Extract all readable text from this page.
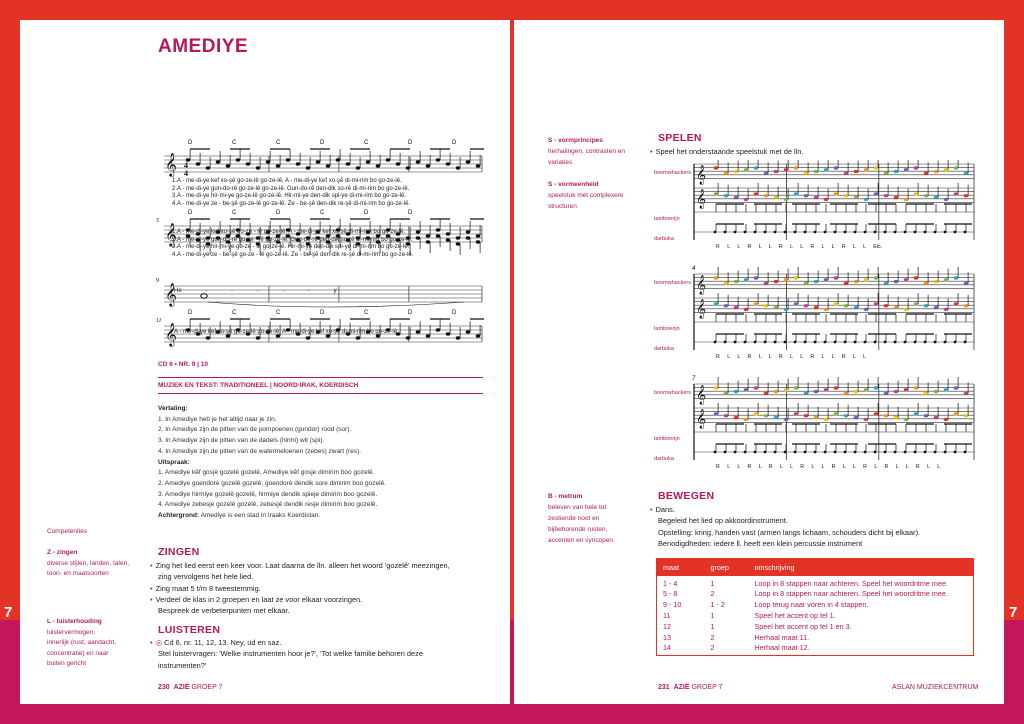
7	7
AMEDIYE
𝄞
D	C	C	D	C	D	D
𝄞
D	C	D	C	D	D
𝄞
𝄞
D	C	C	D	C	D	D
5
9
11
4
4
1.A - me-di-ye kef xo-şê go-ze-lê go-ze-lê. A - me-di-ye kef xo-şê di-mi-rim bo go-ze-lê.
2.A - me-di-ye gun-do-rê go-ze-lê go-ze-lê. Gun-do-rê den-dik so-rê di-mi-rim bo go-ze-lê.
3.A - me-di-ye hir-mi-ye go-ze-lê go-ze-lê. Hir-mi-ye den-dik spi-ye di-mi-rim bo go-ze-lê.
4.A - me-di-ye ze - be-şê go-ze-lê go-ze-lê. Ze - be-şê den-dik re-şê di-mi-rim bo go-ze-lê.
1.A - me-di-ye kef xo-şê go-ze - lê go-ze-lê. A - me-di-ye kef xo-şê di-mi-rim bo go-ze-lê.
2.A - me-di-ye gun-do-rê go-ze - lê go-ze-lê. Gun-do-rê den-dik so-rê di-mi-rim bo go-ze-lê.
3.A - me-di-ye hir-mi-ye go-ze - lê go-ze-lê. Hir-mi-ye den-dik spi-ye di-mi-rim bo go-ze-lê.
4.A - me-di-ye ze - be-şê go-ze - lê go-ze-lê. Ze - be-şê den-dik re-şê di-mi-rim bo go-ze-lê.
He - - - - - y
A - me-di-ye kef xo-şê go-ze-lê go-ze-lê. A - me-di-ye kef xo-şê di-mi-rim bo go-ze-lê.
CD 6 • NR. 9 | 10
MUZIEK EN TEKST: TRADITIONEEL | NOORD-IRAK, KOERDISCH
Vertaling:
1. In Amediye heb je het altijd naar je zin.
2. In Amediye zijn de pitten van de pompoenen (gundor) rood (sor).
3. In Amediye zijn de pitten van de dadels (hirmi) wit (spi).
4. In Amediye zijn de pitten van de watermeloenen (zebes) zwart (res).
Uitspraak:
1. Amediye kêf gosjè gozelê gozelê, Amediye kêf gosje dimirim boo gozelê.
2. Amediye goendorè gozelê gozelê, goendorè dendik sore dimirim boo gozelê.
3. Amediye hirmiye gozelê gozelê, hirmiye dendik spieje dimirim boo gozelê.
4. Amediye zebesje gozelê gozelê, zebesjè dendik resje dimirim boo gozelê.
Achtergrond: Amediye is een stad in Iraaks Koerdistan.
Competenties
Z - zingen
diverse stijlen, landen, talen,
toon- en maatsoorten
L - luisterhouding
luistervermogen,
innerlijk (rust, aandacht,
concentratie) en naar
buiten gericht
ZINGEN
• Zing het lied eerst een keer voor. Laat daarna de lln. alleen het woord 'gozelê' meezingen,
zing vervolgens het hele lied.
• Zing maat 5 t/m 8 tweestemmig.
• Verdeel de klas in 2 groepen en laat ze voor elkaar voorzingen.
Bespreek de verbeterpunten met elkaar.
LUISTEREN
• ◎ Cd 6, nr. 11, 12, 13. Ney, ud en saz.
Stel luistervragen: 'Welke instrumenten hoor je?', 'Tot welke familie behoren deze
instrumenten?'
230 AZIË GROEP 7
S - vormprincipes
herhalingen, contrasten en
variaties
S - vormeenheid
speelstuk met complexere
structuren
B - metrum
beleven van hele tot
zestiende noot en
bijbehorende rusten,
accenten en syncopen
SPELEN
• Speel het onderstaande speelstuk met de lln.
boomwhackers
tamboerijn
darbuka
𝄞
𝄞
R L L R L L R L L R L L R L L Etc.
boomwhackers
tamboerijn
darbuka
𝄞
𝄞
4
R L L R L L R L L R L L R L L
boomwhackers
tamboerijn
darbuka
𝄞
𝄞
7
R L L R L R L L R L L R L L R L R L L R L L
BEWEGEN
• Dans.
Begeleid het lied op akkoordinstrument.
Opstelling: kring, handen vast (armen langs lichaam, schouders dicht bij elkaar).
Benodigdheden: iedere ll. heeft een klein percussie instrument
maat	groep	omschrijving
1 - 4	1	Loop in 8 stappen naar achteren. Speel het woordritme mee.
5 - 8	2	Loop in 8 stappen naar achteren. Speel het woordritme mee.
9 - 10	1 - 2	Loop terug naar voren in 4 stappen.
11	1	Speel het accent op tel 1.
12	1	Speel het accent op tel 1 en 3.
13	2	Herhaal maat 11.
14	2	Herhaal maat 12.
231 AZIË GROEP 7	ASLAN MUZIEKCENTRUM
